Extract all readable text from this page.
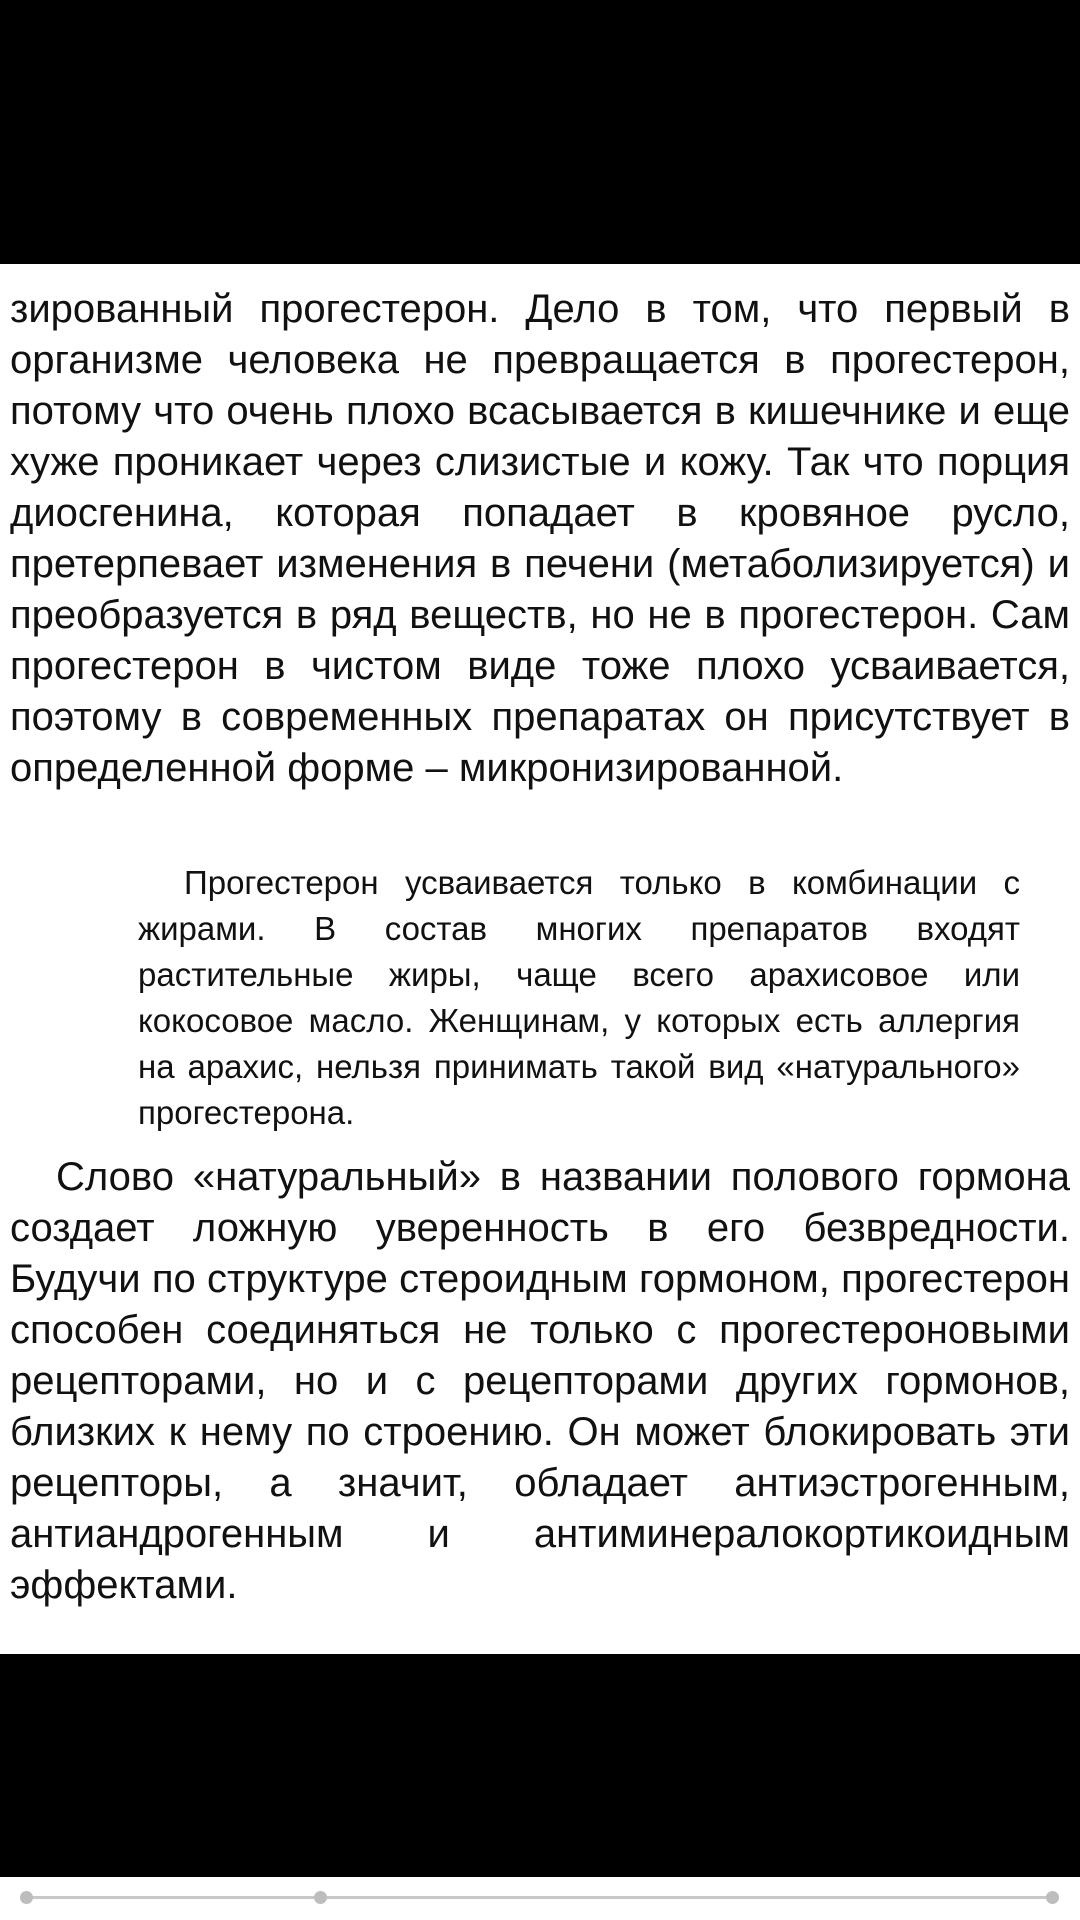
зированный прогестерон. Дело в том, что первый в организме человека не превращается в прогестерон, потому что очень плохо всасывается в кишечнике и еще хуже проникает через слизистые и кожу. Так что порция диосгенина, которая попадает в кровяное русло, претерпевает изменения в печени (метаболизируется) и преобразуется в ряд веществ, но не в прогестерон. Сам прогестерон в чистом виде тоже плохо усваивается, поэтому в современных препаратах он присутствует в определенной форме – микронизированной.

Прогестерон усваивается только в комбинации с жирами. В состав многих препаратов входят растительные жиры, чаще всего арахисовое или кокосовое масло. Женщинам, у которых есть аллергия на арахис, нельзя принимать такой вид «натурального» прогестерона.

Слово «натуральный» в названии полового гормона создает ложную уверенность в его безвредности. Будучи по структуре стероидным гормоном, прогестерон способен соединяться не только с прогестероновыми рецепторами, но и с рецепторами других гормонов, близких к нему по строению. Он может блокировать эти рецепторы, а значит, обладает антиэстрогенным, антиандрогенным и антиминералокортикоидным эффектами.
